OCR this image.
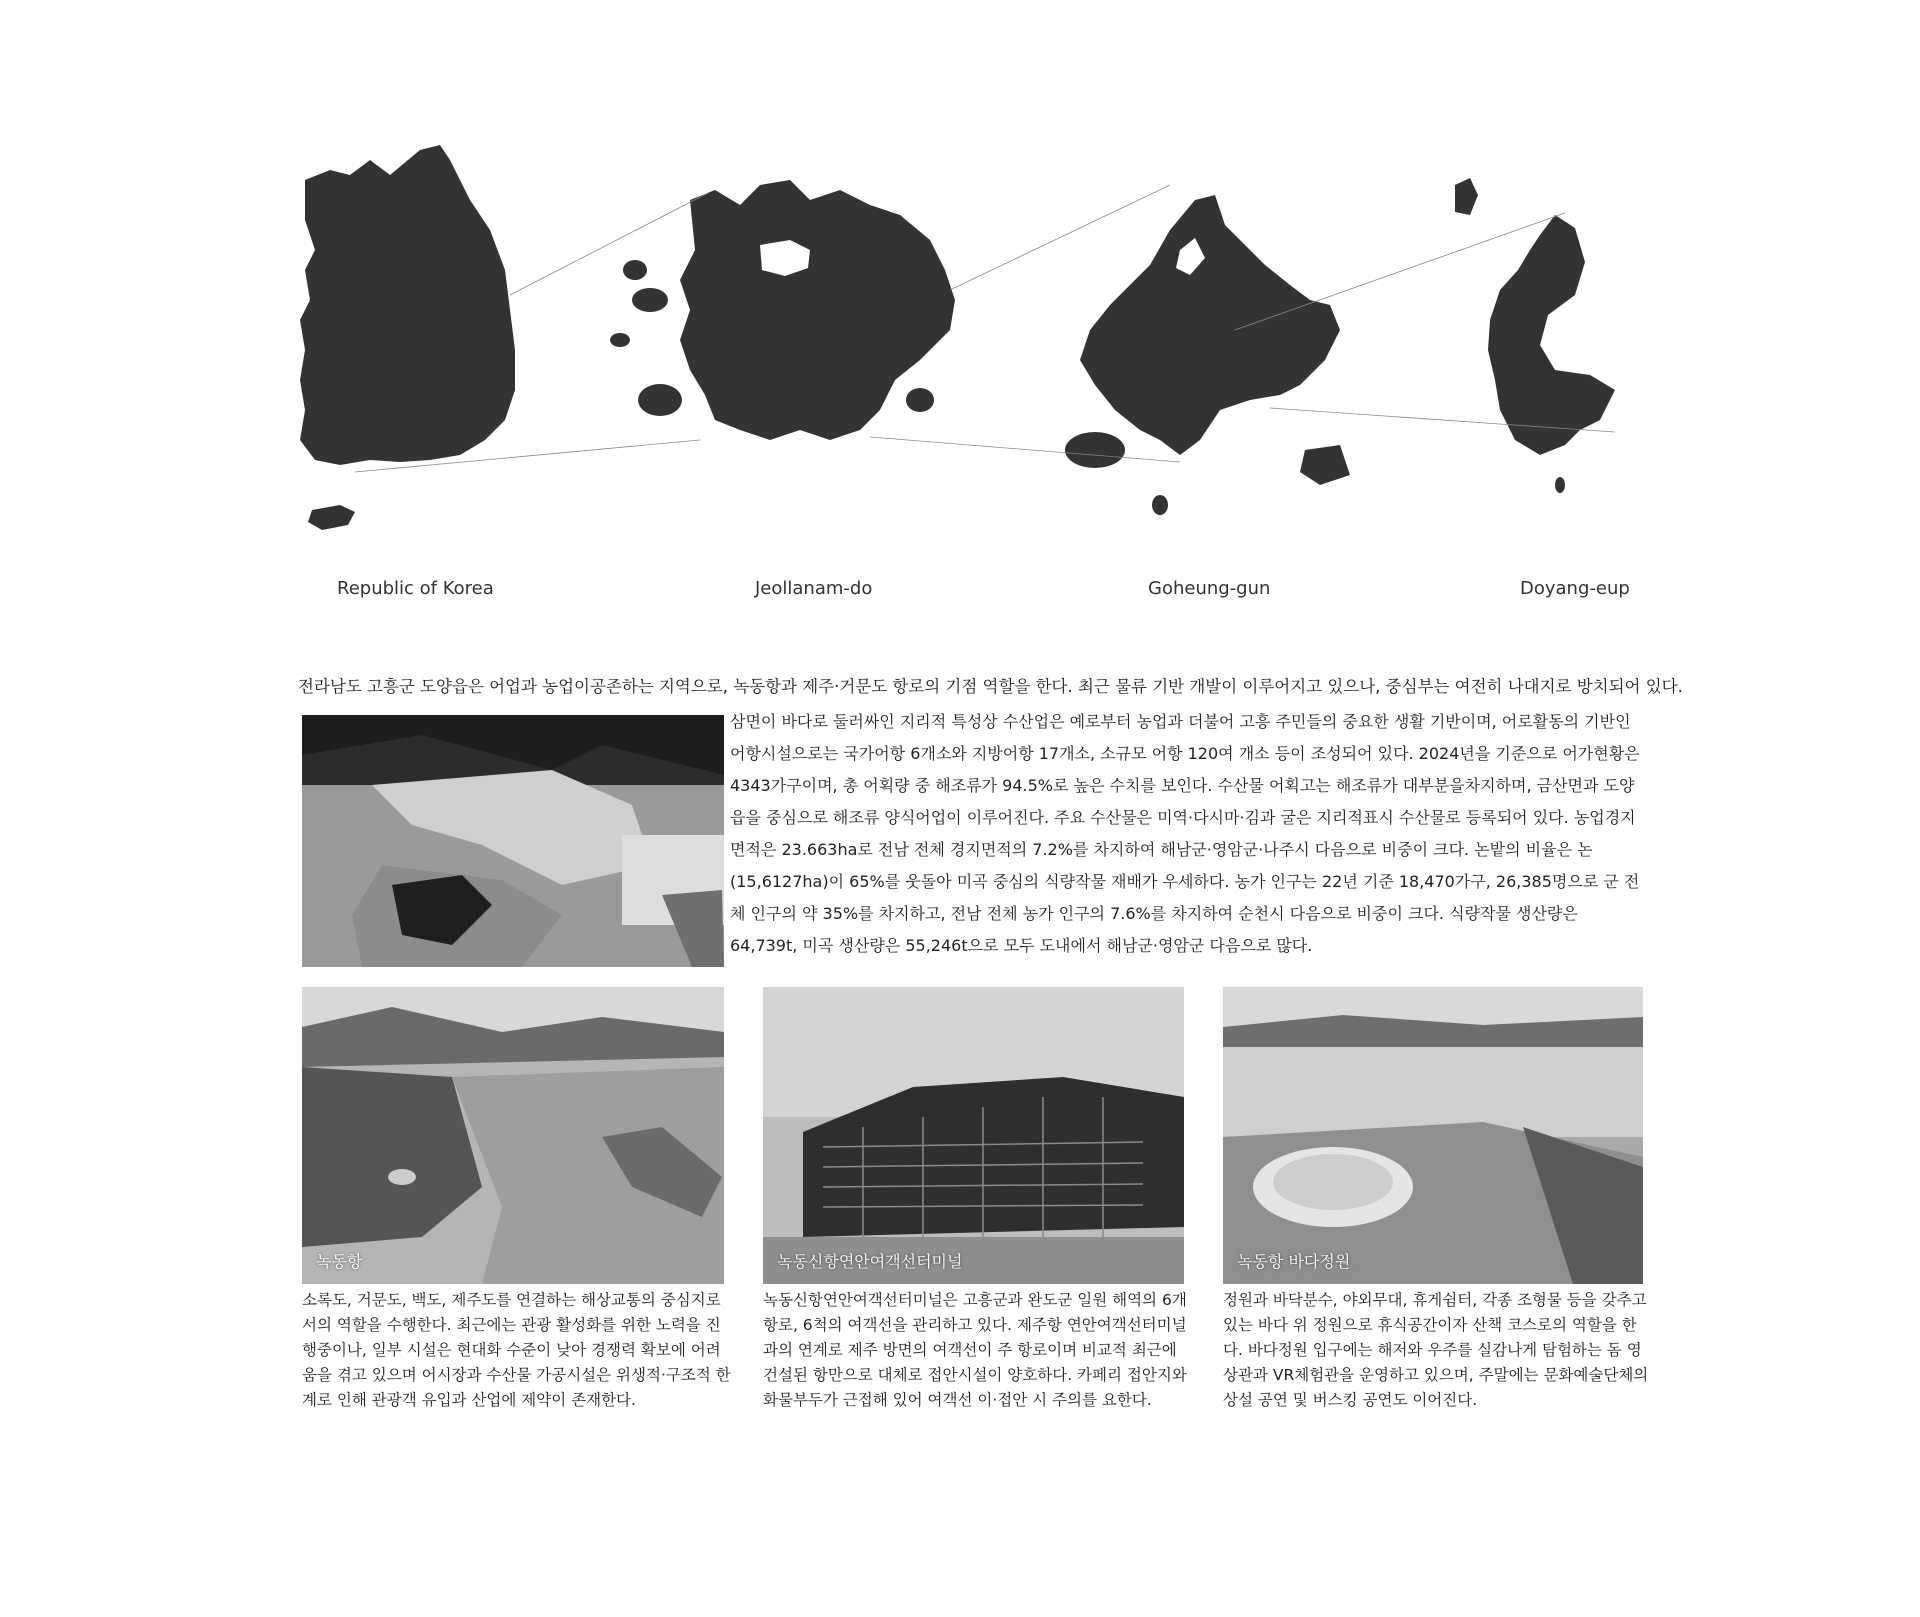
Republic of Korea	Jeollanam-do	Goheung-gun	Doyang-eup
전라남도 고흥군 도양읍은 어업과 농업이공존하는 지역으로, 녹동항과 제주·거문도 항로의 기점 역할을 한다. 최근 물류 기반 개발이 이루어지고 있으나, 중심부는 여전히 나대지로 방치되어 있다.
삼면이 바다로 둘러싸인 지리적 특성상 수산업은 예로부터 농업과 더불어 고흥 주민들의 중요한 생활 기반이며, 어로활동의 기반인 어항시설으로는 국가어항 6개소와 지방어항 17개소, 소규모 어항 120여 개소 등이 조성되어 있다. 2024년을 기준으로 어가현황은 4343가구이며, 총 어획량 중 해조류가 94.5%로 높은 수치를 보인다. 수산물 어획고는 해조류가 대부분을차지하며, 금산면과 도양읍을 중심으로 해조류 양식어업이 이루어진다. 주요 수산물은 미역·다시마·김과 굴은 지리적표시 수산물로 등록되어 있다. 농업경지면적은 23.663ha로 전남 전체 경지면적의 7.2%를 차지하여 해남군·영암군·나주시 다음으로 비중이 크다. 논밭의 비율은 논(15,6127ha)이 65%를 웃돌아 미곡 중심의 식량작물 재배가 우세하다. 농가 인구는 22년 기준 18,470가구, 26,385명으로 군 전체 인구의 약 35%를 차지하고, 전남 전체 농가 인구의 7.6%를 차지하여 순천시 다음으로 비중이 크다. 식량작물 생산량은 64,739t, 미곡 생산량은 55,246t으로 모두 도내에서 해남군·영암군 다음으로 많다.
녹동항	녹동신항연안여객선터미널	녹동항 바다정원
소록도, 거문도, 백도, 제주도를 연결하는 해상교통의 중심지로서의 역할을 수행한다. 최근에는 관광 활성화를 위한 노력을 진행중이나, 일부 시설은 현대화 수준이 낮아 경쟁력 확보에 어려움을 겪고 있으며 어시장과 수산물 가공시설은 위생적·구조적 한계로 인해 관광객 유입과 산업에 제약이 존재한다.
녹동신항연안여객선터미널은 고흥군과 완도군 일원 해역의 6개 항로, 6척의 여객선을 관리하고 있다. 제주항 연안여객선터미널과의 연계로 제주 방면의 여객선이 주 항로이며 비교적 최근에 건설된 항만으로 대체로 접안시설이 양호하다. 카페리 접안지와 화물부두가 근접해 있어 여객선 이·접안 시 주의를 요한다.
정원과 바닥분수, 야외무대, 휴게쉼터, 각종 조형물 등을 갖추고 있는 바다 위 정원으로 휴식공간이자 산책 코스로의 역할을 한다. 바다정원 입구에는 해저와 우주를 실감나게 탐험하는 돔 영상관과 VR체험관을 운영하고 있으며, 주말에는 문화예술단체의 상설 공연 및 버스킹 공연도 이어진다.
